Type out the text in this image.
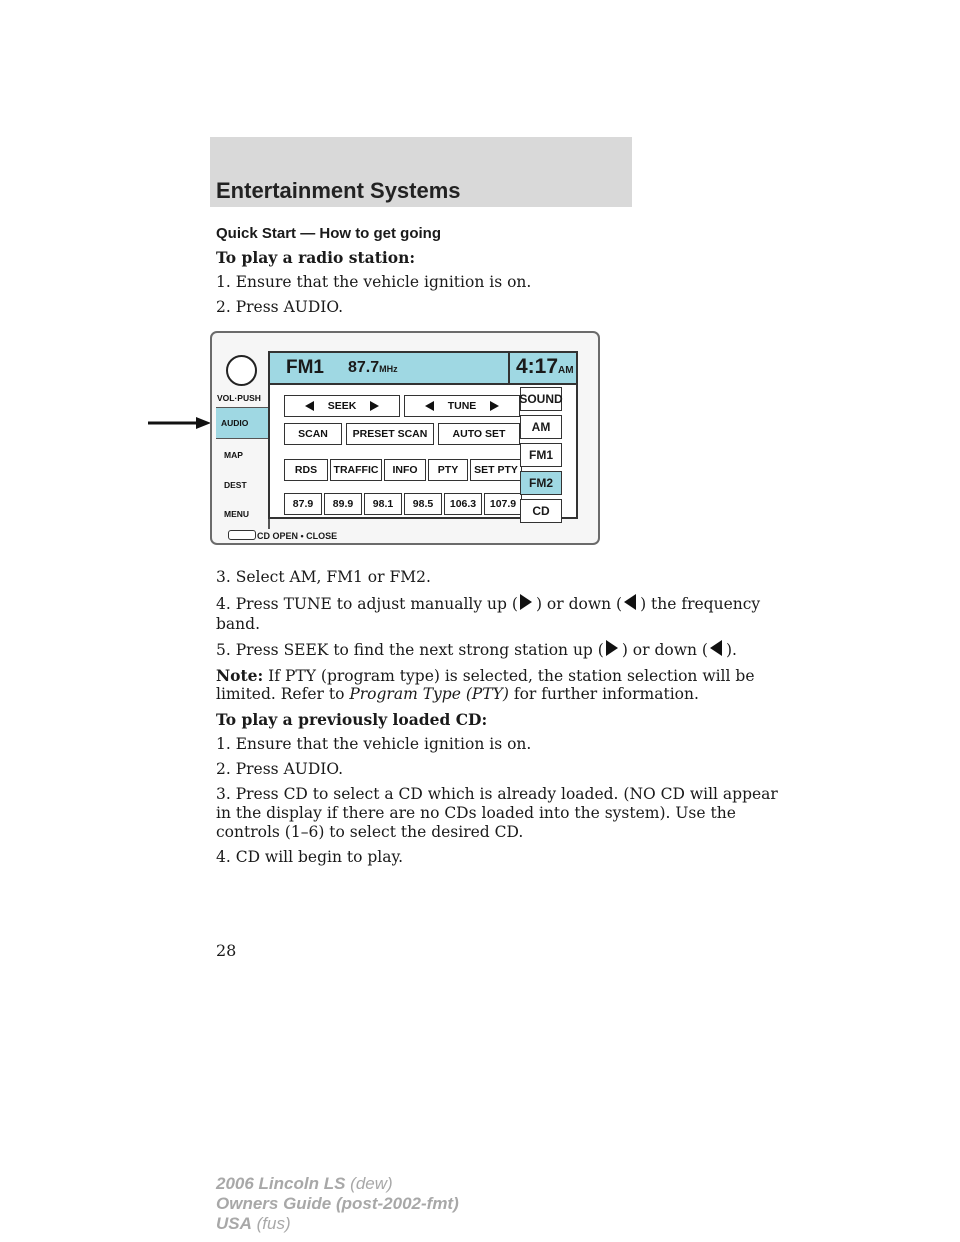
Entertainment Systems
Quick Start — How to get going
To play a radio station:
1. Ensure that the vehicle ignition is on.
2. Press AUDIO.
VOL·PUSH
AUDIO
MAP
DEST
MENU
FM1 87.7MHz	4:17AM
SEEK	TUNE
SCAN	PRESET SCAN	AUTO SET
RDS	TRAFFIC	INFO	PTY	SET PTY
87.9	89.9	98.1	98.5	106.3	107.9
SOUND
AM
FM1
FM2
CD
CD OPEN • CLOSE
3. Select AM, FM1 or FM2.
4. Press TUNE to adjust manually up ( ) or down ( ) the frequency
band.
5. Press SEEK to find the next strong station up ( ) or down ( ).
Note: If PTY (program type) is selected, the station selection will be
limited. Refer to Program Type (PTY) for further information.
To play a previously loaded CD:
1. Ensure that the vehicle ignition is on.
2. Press AUDIO.
3. Press CD to select a CD which is already loaded. (NO CD will appear
in the display if there are no CDs loaded into the system). Use the
controls (1–6) to select the desired CD.
4. CD will begin to play.
28
2006 Lincoln LS (dew)
Owners Guide (post-2002-fmt)
USA (fus)
